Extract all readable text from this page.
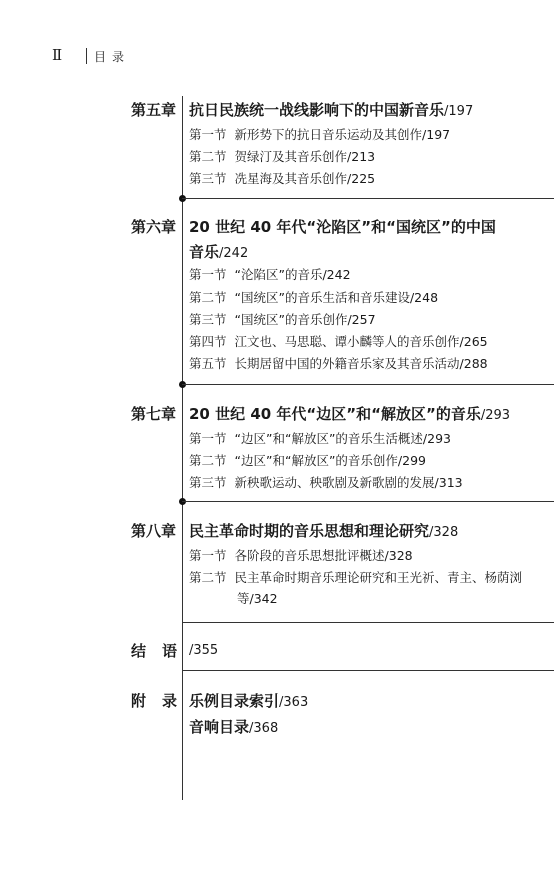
Ⅱ	目录
第五章 抗日民族统一战线影响下的中国新音乐/197
第一节 新形势下的抗日音乐运动及其创作/197
第二节 贺绿汀及其音乐创作/213
第三节 冼星海及其音乐创作/225
第六章 20 世纪 40 年代“沦陷区”和“国统区”的中国
音乐/242
第一节 “沦陷区”的音乐/242
第二节 “国统区”的音乐生活和音乐建设/248
第三节 “国统区”的音乐创作/257
第四节 江文也、马思聪、谭小麟等人的音乐创作/265
第五节 长期居留中国的外籍音乐家及其音乐活动/288
第七章 20 世纪 40 年代“边区”和“解放区”的音乐/293
第一节 “边区”和“解放区”的音乐生活概述/293
第二节 “边区”和“解放区”的音乐创作/299
第三节 新秧歌运动、秧歌剧及新歌剧的发展/313
第八章 民主革命时期的音乐思想和理论研究/328
第一节 各阶段的音乐思想批评概述/328
第二节 民主革命时期音乐理论研究和王光祈、青主、杨荫浏
等/342
结语
/355
附录
乐例目录索引/363
音响目录/368
